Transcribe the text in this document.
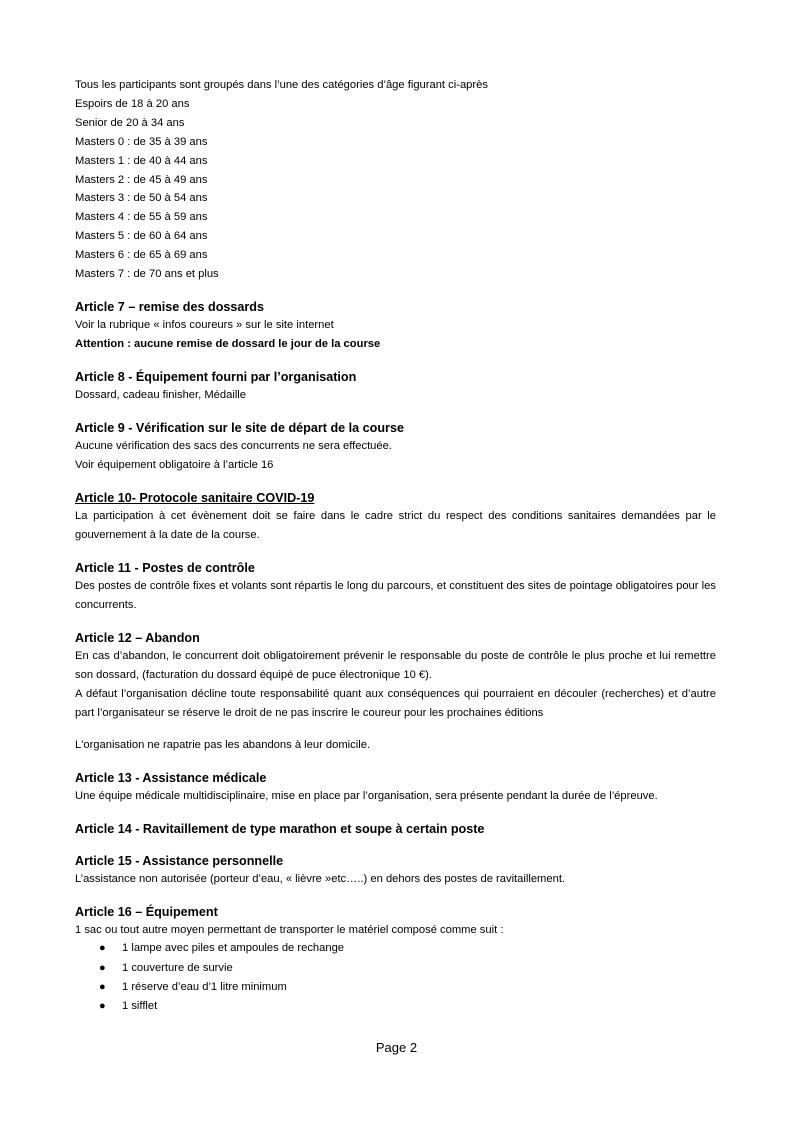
Tous les participants sont groupés dans l’une des catégories d’âge figurant ci-après
Espoirs de 18 à 20 ans
Senior de 20 à 34 ans
Masters 0 : de 35 à 39 ans
Masters 1 : de 40 à 44 ans
Masters 2 : de 45 à 49 ans
Masters 3 : de 50 à 54 ans
Masters 4 : de 55 à 59 ans
Masters 5 : de 60 à 64 ans
Masters 6 : de 65 à 69 ans
Masters 7 : de 70 ans et plus
Article 7 – remise des dossards
Voir la rubrique « infos coureurs » sur le site internet
Attention : aucune remise de dossard le jour de la course
Article 8 - Équipement fourni par l’organisation
Dossard, cadeau finisher, Médaille
Article 9 - Vérification sur le site de départ de la course
Aucune vérification des sacs des concurrents ne sera effectuée.
Voir équipement obligatoire à l’article 16
Article 10- Protocole sanitaire COVID-19
La participation à cet évènement doit se faire dans le cadre strict du respect des conditions sanitaires demandées par le gouvernement à la date de la course.
Article 11 - Postes de contrôle
Des postes de contrôle fixes et volants sont répartis le long du parcours, et constituent des sites de pointage obligatoires pour les concurrents.
Article 12 – Abandon
En cas d’abandon, le concurrent doit obligatoirement prévenir le responsable du poste de contrôle le plus proche et lui remettre son dossard, (facturation du dossard équipé de puce électronique 10 €).
A défaut l’organisation décline toute responsabilité quant aux conséquences qui pourraient en découler (recherches) et d’autre part l’organisateur se réserve le droit de ne pas inscrire le coureur pour les prochaines éditions
L'organisation ne rapatrie pas les abandons à leur domicile.
Article 13 - Assistance médicale
Une équipe médicale multidisciplinaire, mise en place par l’organisation, sera présente pendant la durée de l’épreuve.
Article 14 - Ravitaillement de type marathon et soupe à certain poste
Article 15 - Assistance personnelle
L’assistance non autorisée (porteur d’eau, « lièvre »etc…..) en dehors des postes de ravitaillement.
Article 16 – Équipement
1 sac ou tout autre moyen permettant de transporter le matériel composé comme suit :
● 1 lampe avec piles et ampoules de rechange
● 1 couverture de survie
● 1 réserve d’eau d’1 litre minimum
● 1 sifflet
Page 2
